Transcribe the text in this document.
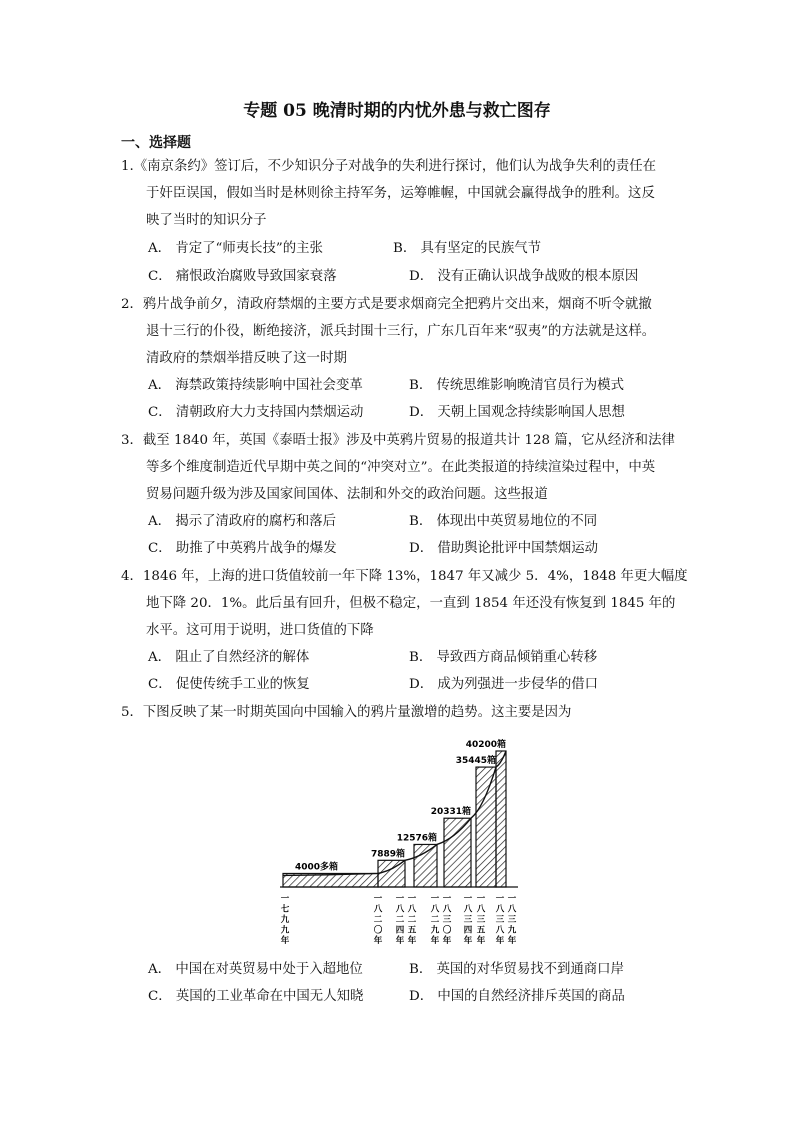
专题 05 晚清时期的内忧外患与救亡图存
一、选择题
1.《南京条约》签订后，不少知识分子对战争的失利进行探讨，他们认为战争失利的责任在
于奸臣误国，假如当时是林则徐主持军务，运筹帷幄，中国就会赢得战争的胜利。这反
映了当时的知识分子
A． 肯定了“师夷长技”的主张	B． 具有坚定的民族气节
C． 痛恨政治腐败导致国家衰落	D． 没有正确认识战争战败的根本原因
2．鸦片战争前夕，清政府禁烟的主要方式是要求烟商完全把鸦片交出来，烟商不听令就撤
退十三行的仆役，断绝接济，派兵封围十三行，广东几百年来“驭夷”的方法就是这样。
清政府的禁烟举措反映了这一时期
A． 海禁政策持续影响中国社会变革	B． 传统思维影响晚清官员行为模式
C． 清朝政府大力支持国内禁烟运动	D． 天朝上国观念持续影响国人思想
3．截至 1840 年，英国《泰晤士报》涉及中英鸦片贸易的报道共计 128 篇，它从经济和法律
等多个维度制造近代早期中英之间的“冲突对立”。在此类报道的持续渲染过程中，中英
贸易问题升级为涉及国家间国体、法制和外交的政治问题。这些报道
A． 揭示了清政府的腐朽和落后	B． 体现出中英贸易地位的不同
C． 助推了中英鸦片战争的爆发	D． 借助舆论批评中国禁烟运动
4．1846 年，上海的进口货值较前一年下降 13%，1847 年又减少 5．4%，1848 年更大幅度
地下降 20．1%。此后虽有回升，但极不稳定，一直到 1854 年还没有恢复到 1845 年的
水平。这可用于说明，进口货值的下降
A． 阻止了自然经济的解体	B． 导致西方商品倾销重心转移
C． 促使传统手工业的恢复	D． 成为列强进一步侵华的借口
5．下图反映了某一时期英国向中国输入的鸦片量激增的趋势。这主要是因为
4000多箱
7889箱
12576箱
20331箱
35445箱
40200箱
一七九九年
一八二〇年
一八二四年
一八二五年
一八二九年
一八三〇年
一八三四年
一八三五年
一八三八年
一八三九年
A． 中国在对英贸易中处于入超地位	B． 英国的对华贸易找不到通商口岸
C． 英国的工业革命在中国无人知晓	D． 中国的自然经济排斥英国的商品
